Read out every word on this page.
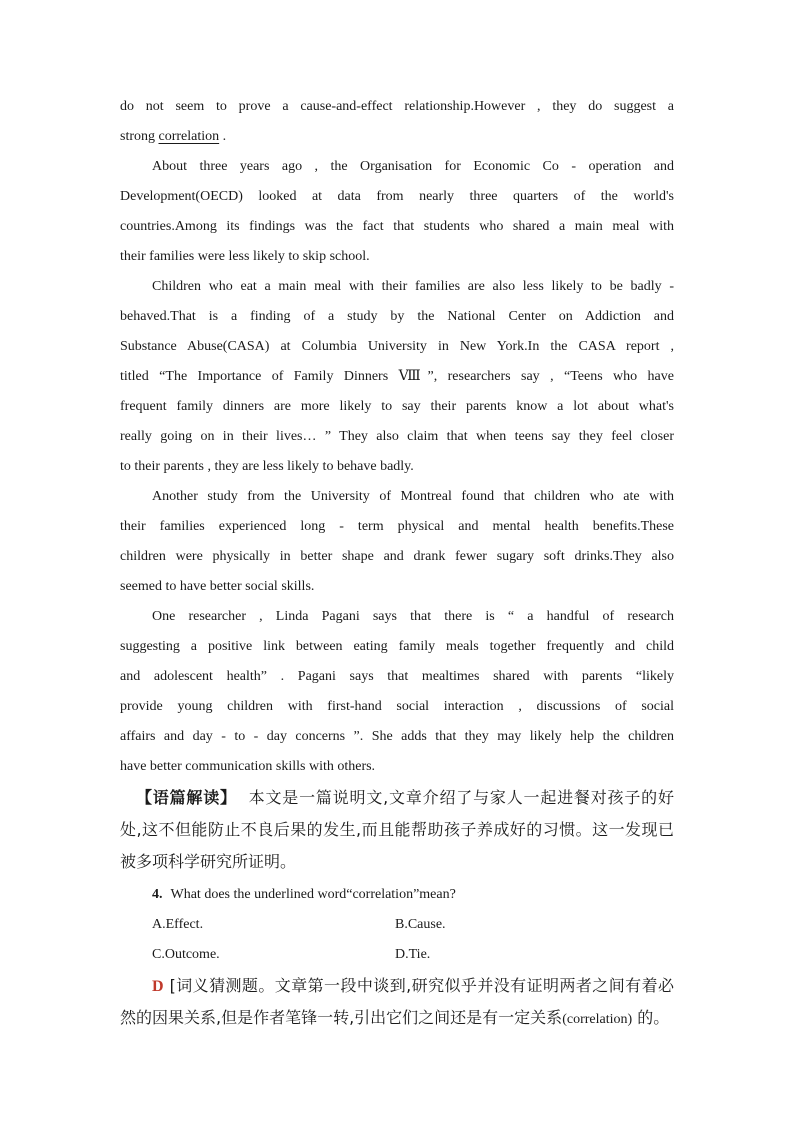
do not seem to prove a cause-and-effect relationship.However , they do suggest a
strong correlation .
About three years ago , the Organisation for Economic Co - operation and
Development(OECD) looked at data from nearly three quarters of the world's
countries.Among its findings was the fact that students who shared a main meal with
their families were less likely to skip school.
Children who eat a main meal with their families are also less likely to be badly -
behaved.That is a finding of a study by the National Center on Addiction and
Substance Abuse(CASA) at Columbia University in New York.In the CASA report ,
titled “The Importance of Family Dinners Ⅷ”, researchers say , “Teens who have
frequent family dinners are more likely to say their parents know a lot about what's
really going on in their lives… ” They also claim that when teens say they feel closer
to their parents , they are less likely to behave badly.
Another study from the University of Montreal found that children who ate with
their families experienced long - term physical and mental health benefits.These
children were physically in better shape and drank fewer sugary soft drinks.They also
seemed to have better social skills.
One researcher , Linda Pagani says that there is “ a handful of research
suggesting a positive link between eating family meals together frequently and child
and adolescent health” . Pagani says that mealtimes shared with parents “likely
provide young children with first-hand social interaction , discussions of social
affairs and day - to - day concerns ”. She adds that they may likely help the children
have better communication skills with others.
【语篇解读】 本文是一篇说明文,文章介绍了与家人一起进餐对孩子的好
处,这不但能防止不良后果的发生,而且能帮助孩子养成好的习惯。这一发现已
被多项科学研究所证明。
4. What does the underlined word“correlation”mean?
A.Effect.	B.Cause.
C.Outcome.	D.Tie.
D [词义猜测题。文章第一段中谈到,研究似乎并没有证明两者之间有着必
然的因果关系,但是作者笔锋一转,引出它们之间还是有一定关系(correlation) 的。
